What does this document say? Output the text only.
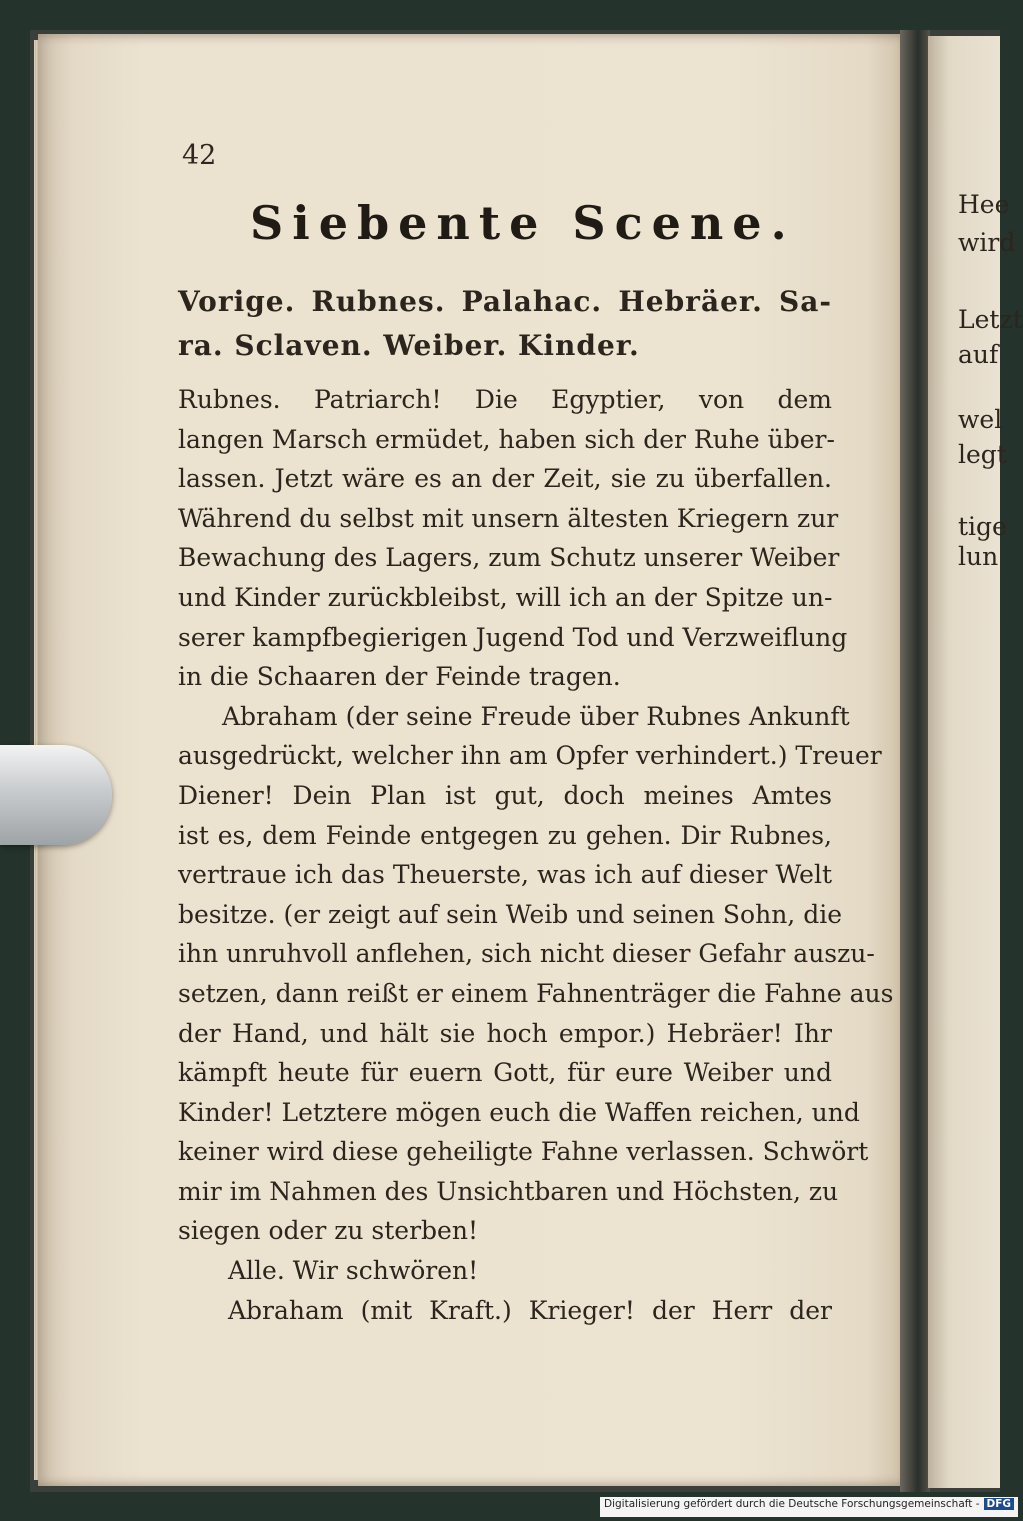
42
Siebente Scene.
Vorige. Rubnes. Palahac. Hebräer. Sa-
ra. Sclaven. Weiber. Kinder.
Rubnes. Patriarch! Die Egyptier, von dem
langen Marsch ermüdet, haben sich der Ruhe über-
lassen. Jetzt wäre es an der Zeit, sie zu überfallen.
Während du selbst mit unsern ältesten Kriegern zur
Bewachung des Lagers, zum Schutz unserer Weiber
und Kinder zurückbleibst, will ich an der Spitze un-
serer kampfbegierigen Jugend Tod und Verzweiflung
in die Schaaren der Feinde tragen.
Abraham (der seine Freude über Rubnes Ankunft
ausgedrückt, welcher ihn am Opfer verhindert.) Treuer
Diener! Dein Plan ist gut, doch meines Amtes
ist es, dem Feinde entgegen zu gehen. Dir Rubnes,
vertraue ich das Theuerste, was ich auf dieser Welt
besitze. (er zeigt auf sein Weib und seinen Sohn, die
ihn unruhvoll anflehen, sich nicht dieser Gefahr auszu-
setzen, dann reißt er einem Fahnenträger die Fahne aus
der Hand, und hält sie hoch empor.) Hebräer! Ihr
kämpft heute für euern Gott, für eure Weiber und
Kinder! Letztere mögen euch die Waffen reichen, und
keiner wird diese geheiligte Fahne verlassen. Schwört
mir im Nahmen des Unsichtbaren und Höchsten, zu
siegen oder zu sterben!
Alle. Wir schwören!
Abraham (mit Kraft.) Krieger! der Herr der
Hee
wird
Letzt
auf
wel
legt
tige
lun
Digitalisierung gefördert durch die Deutsche Forschungsgemeinschaft - DFG
